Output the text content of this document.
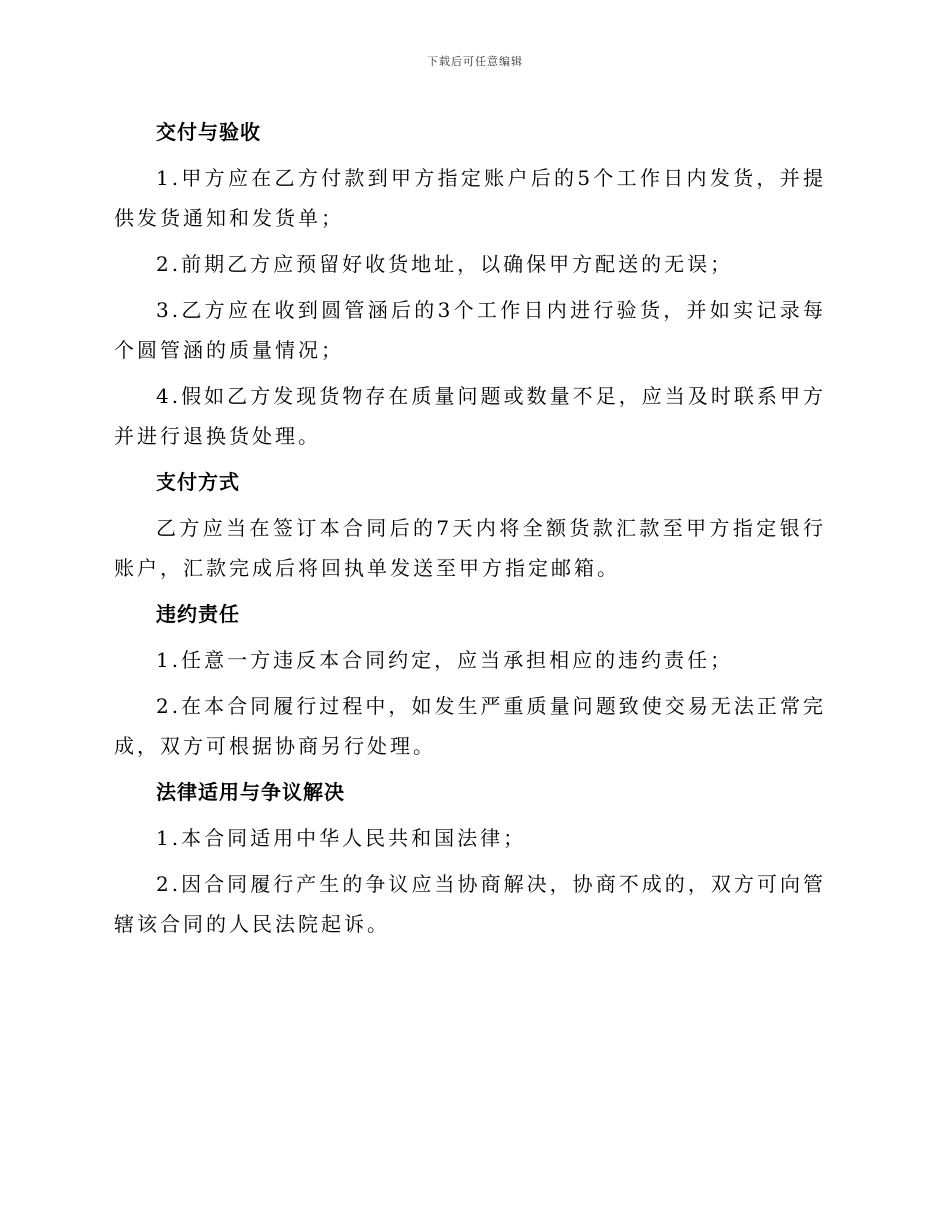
下载后可任意编辑
交付与验收
1.甲方应在乙方付款到甲方指定账户后的5个工作日内发货，并提供发货通知和发货单；
2.前期乙方应预留好收货地址，以确保甲方配送的无误；
3.乙方应在收到圆管涵后的3个工作日内进行验货，并如实记录每个圆管涵的质量情况；
4.假如乙方发现货物存在质量问题或数量不足，应当及时联系甲方并进行退换货处理。
支付方式
乙方应当在签订本合同后的7天内将全额货款汇款至甲方指定银行账户，汇款完成后将回执单发送至甲方指定邮箱。
违约责任
1.任意一方违反本合同约定，应当承担相应的违约责任；
2.在本合同履行过程中，如发生严重质量问题致使交易无法正常完成，双方可根据协商另行处理。
法律适用与争议解决
1.本合同适用中华人民共和国法律；
2.因合同履行产生的争议应当协商解决，协商不成的，双方可向管辖该合同的人民法院起诉。
